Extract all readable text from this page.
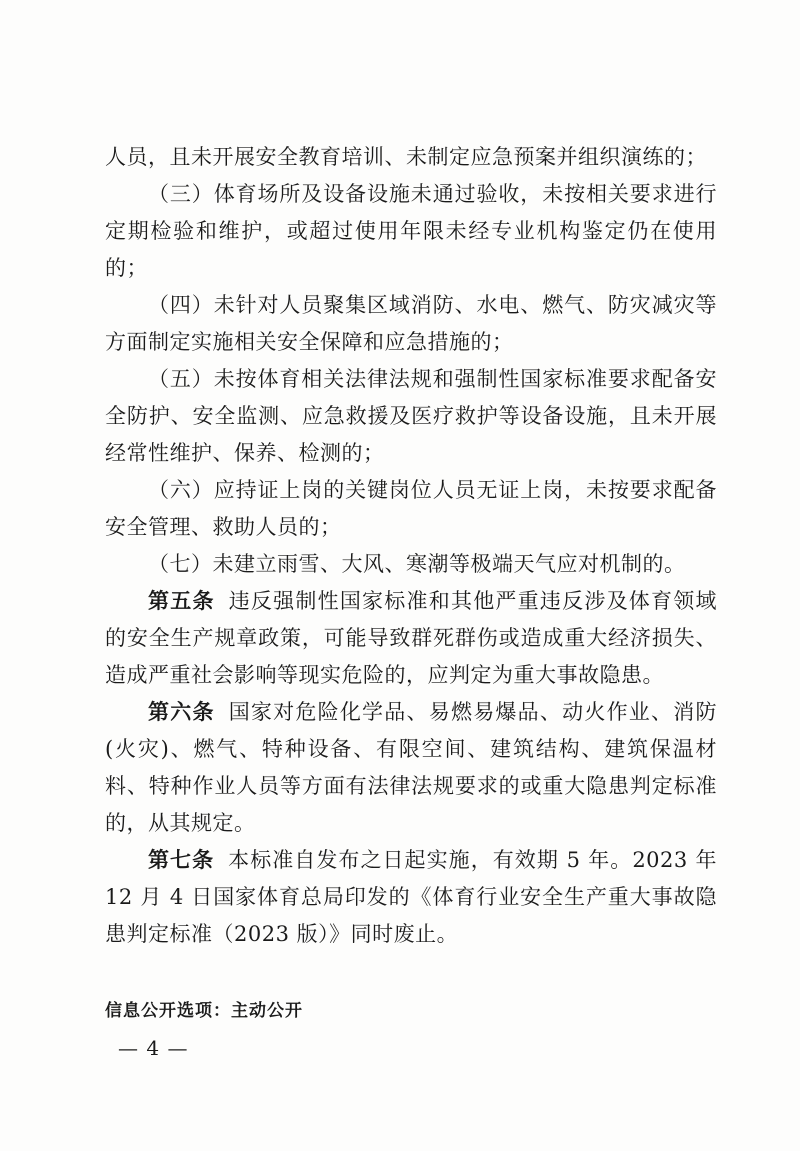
人员，且未开展安全教育培训、未制定应急预案并组织演练的；

（三）体育场所及设备设施未通过验收，未按相关要求进行定期检验和维护，或超过使用年限未经专业机构鉴定仍在使用的；

（四）未针对人员聚集区域消防、水电、燃气、防灾减灾等方面制定实施相关安全保障和应急措施的；

（五）未按体育相关法律法规和强制性国家标准要求配备安全防护、安全监测、应急救援及医疗救护等设备设施，且未开展经常性维护、保养、检测的；

（六）应持证上岗的关键岗位人员无证上岗，未按要求配备安全管理、救助人员的；

（七）未建立雨雪、大风、寒潮等极端天气应对机制的。

第五条 违反强制性国家标准和其他严重违反涉及体育领域的安全生产规章政策，可能导致群死群伤或造成重大经济损失、造成严重社会影响等现实危险的，应判定为重大事故隐患。

第六条 国家对危险化学品、易燃易爆品、动火作业、消防(火灾)、燃气、特种设备、有限空间、建筑结构、建筑保温材料、特种作业人员等方面有法律法规要求的或重大隐患判定标准的，从其规定。

第七条 本标准自发布之日起实施，有效期 5 年。2023 年 12 月 4 日国家体育总局印发的《体育行业安全生产重大事故隐患判定标准（2023 版）》同时废止。

信息公开选项：主动公开
— 4 —
